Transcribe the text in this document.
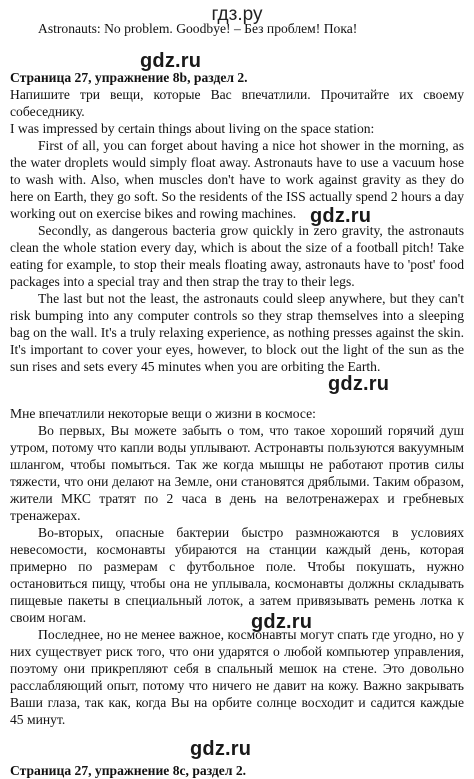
гдз.ру
gdz.ru
gdz.ru
gdz.ru
gdz.ru
gdz.ru

Astronauts: No problem. Goodbye! – Без проблем! Пока!

Страница 27, упражнение 8b, раздел 2.

Напишите три вещи, которые Вас впечатлили. Прочитайте их своему собеседнику.

I was impressed by certain things about living on the space station:

First of all, you can forget about having a nice hot shower in the morning, as the water droplets would simply float away. Astronauts have to use a vacuum hose to wash with. Also, when muscles don't have to work against gravity as they do here on Earth, they go soft. So the residents of the ISS actually spend 2 hours a day working out on exercise bikes and rowing machines.

Secondly, as dangerous bacteria grow quickly in zero gravity, the astronauts clean the whole station every day, which is about the size of a football pitch! Take eating for example, to stop their meals floating away, astronauts have to 'post' food packages into a special tray and then strap the tray to their legs.

The last but not the least, the astronauts could sleep anywhere, but they can't risk bumping into any computer controls so they strap themselves into a sleeping bag on the wall. It's a truly relaxing experience, as nothing presses against the skin. It's important to cover your eyes, however, to block out the light of the sun as the sun rises and sets every 45 minutes when you are orbiting the Earth.

Мне впечатлили некоторые вещи о жизни в космосе:

Во первых, Вы можете забыть о том, что такое хороший горячий душ утром, потому что капли воды уплывают. Астронавты пользуются вакуумным шлангом, чтобы помыться. Так же когда мышцы не работают против силы тяжести, что они делают на Земле, они становятся дряблыми. Таким образом, жители МКС тратят по 2 часа в день на велотренажерах и гребневых тренажерах.

Во-вторых, опасные бактерии быстро размножаются в условиях невесомости, космонавты убираются на станции каждый день, которая примерно по размерам с футбольное поле. Чтобы покушать, нужно остановиться пищу, чтобы она не уплывала, космонавты должны складывать пищевые пакеты в специальный лоток, а затем привязывать ремень лотка к своим ногам.

Последнее, но не менее важное, космонавты могут спать где угодно, но у них существует риск того, что они ударятся о любой компьютер управления, поэтому они прикрепляют себя в спальный мешок на стене. Это довольно расслабляющий опыт, потому что ничего не давит на кожу. Важно закрывать Ваши глаза, так как, когда Вы на орбите солнце восходит и садится каждые 45 минут.

Страница 27, упражнение 8с, раздел 2.
